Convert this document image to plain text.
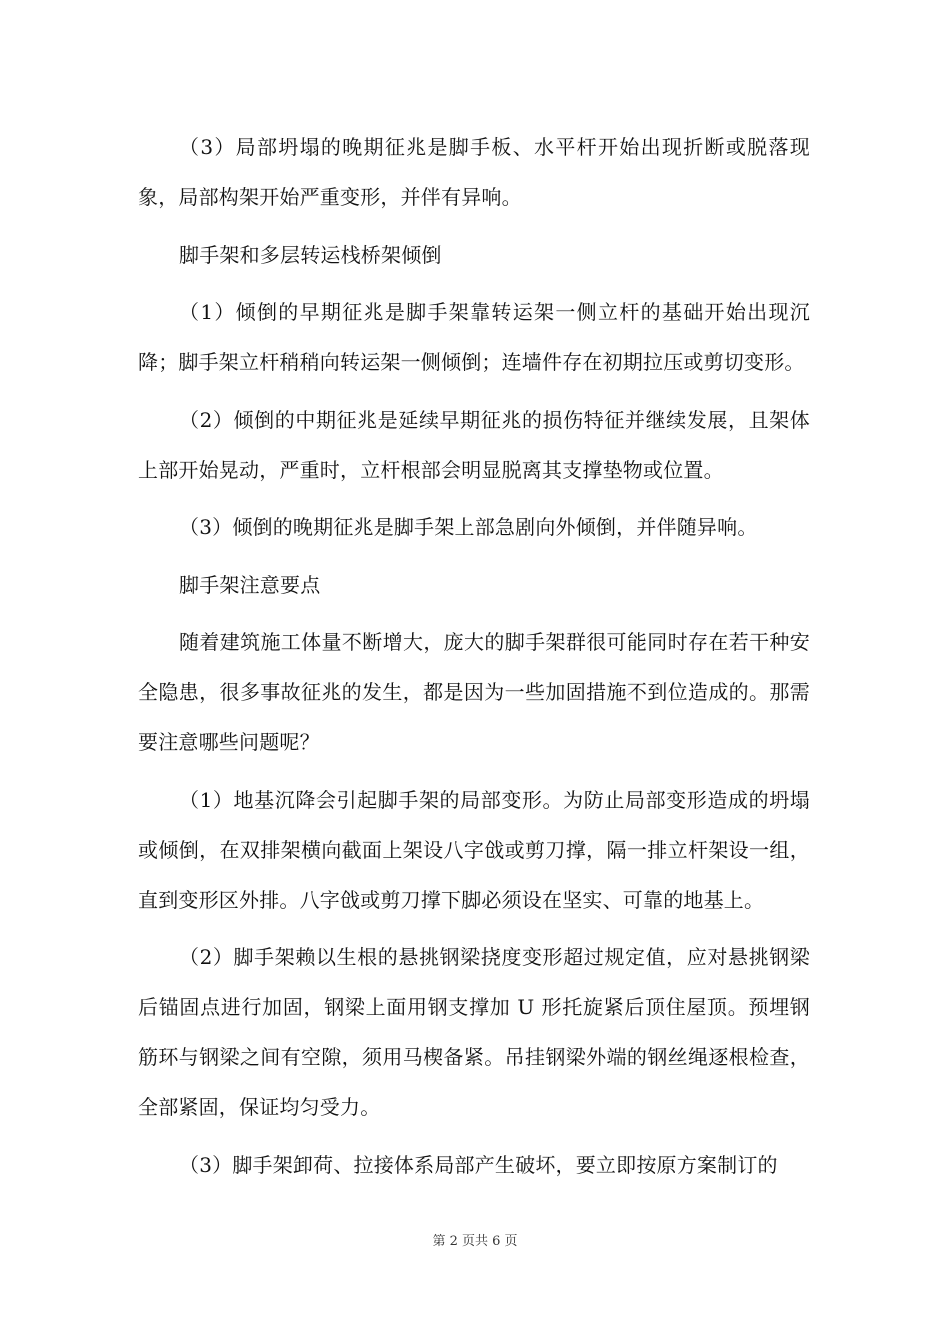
（3）局部坍塌的晚期征兆是脚手板、水平杆开始出现折断或脱落现象，局部构架开始严重变形，并伴有异响。

脚手架和多层转运栈桥架倾倒

（1）倾倒的早期征兆是脚手架靠转运架一侧立杆的基础开始出现沉降；脚手架立杆稍稍向转运架一侧倾倒；连墙件存在初期拉压或剪切变形。

（2）倾倒的中期征兆是延续早期征兆的损伤特征并继续发展，且架体上部开始晃动，严重时，立杆根部会明显脱离其支撑垫物或位置。

（3）倾倒的晚期征兆是脚手架上部急剧向外倾倒，并伴随异响。

脚手架注意要点

随着建筑施工体量不断增大，庞大的脚手架群很可能同时存在若干种安全隐患，很多事故征兆的发生，都是因为一些加固措施不到位造成的。那需要注意哪些问题呢？

（1）地基沉降会引起脚手架的局部变形。为防止局部变形造成的坍塌或倾倒，在双排架横向截面上架设八字戗或剪刀撑，隔一排立杆架设一组，直到变形区外排。八字戗或剪刀撑下脚必须设在坚实、可靠的地基上。

（2）脚手架赖以生根的悬挑钢梁挠度变形超过规定值，应对悬挑钢梁后锚固点进行加固，钢梁上面用钢支撑加 U 形托旋紧后顶住屋顶。预埋钢筋环与钢梁之间有空隙，须用马楔备紧。吊挂钢梁外端的钢丝绳逐根检查，全部紧固，保证均匀受力。

（3）脚手架卸荷、拉接体系局部产生破坏，要立即按原方案制订的

第 2 页共 6 页
